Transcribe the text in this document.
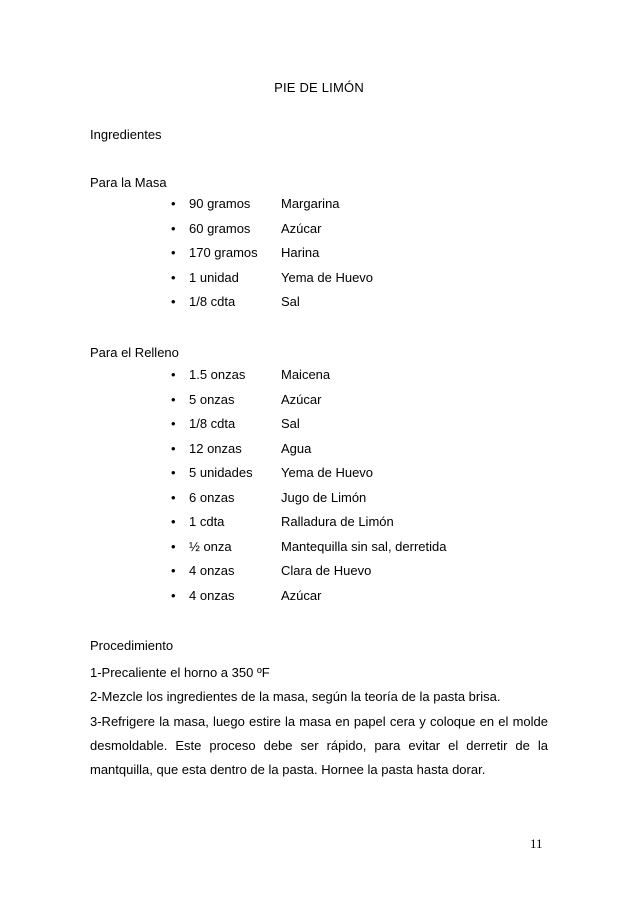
PIE DE LIMÓN
Ingredientes
Para la Masa
• 90 gramos Margarina
• 60 gramos Azúcar
• 170 gramos Harina
• 1 unidad	Yema de Huevo
• 1/8 cdta	Sal
Para el Relleno
• 1.5 onzas	Maicena
• 5 onzas	Azúcar
• 1/8 cdta	Sal
• 12 onzas	Agua
• 5 unidades Yema de Huevo
• 6 onzas	Jugo de Limón
• 1 cdta	Ralladura de Limón
• ½ onza	Mantequilla sin sal, derretida
• 4 onzas	Clara de Huevo
• 4 onzas	Azúcar
Procedimiento

1-Precaliente el horno a 350 ºF

2-Mezcle los ingredientes de la masa, según la teoría de la pasta brisa.

3-Refrigere la masa, luego estire la masa en papel cera y coloque en el molde desmoldable. Este proceso debe ser rápido, para evitar el derretir de la mantquilla, que esta dentro de la pasta. Hornee la pasta hasta dorar.

11
